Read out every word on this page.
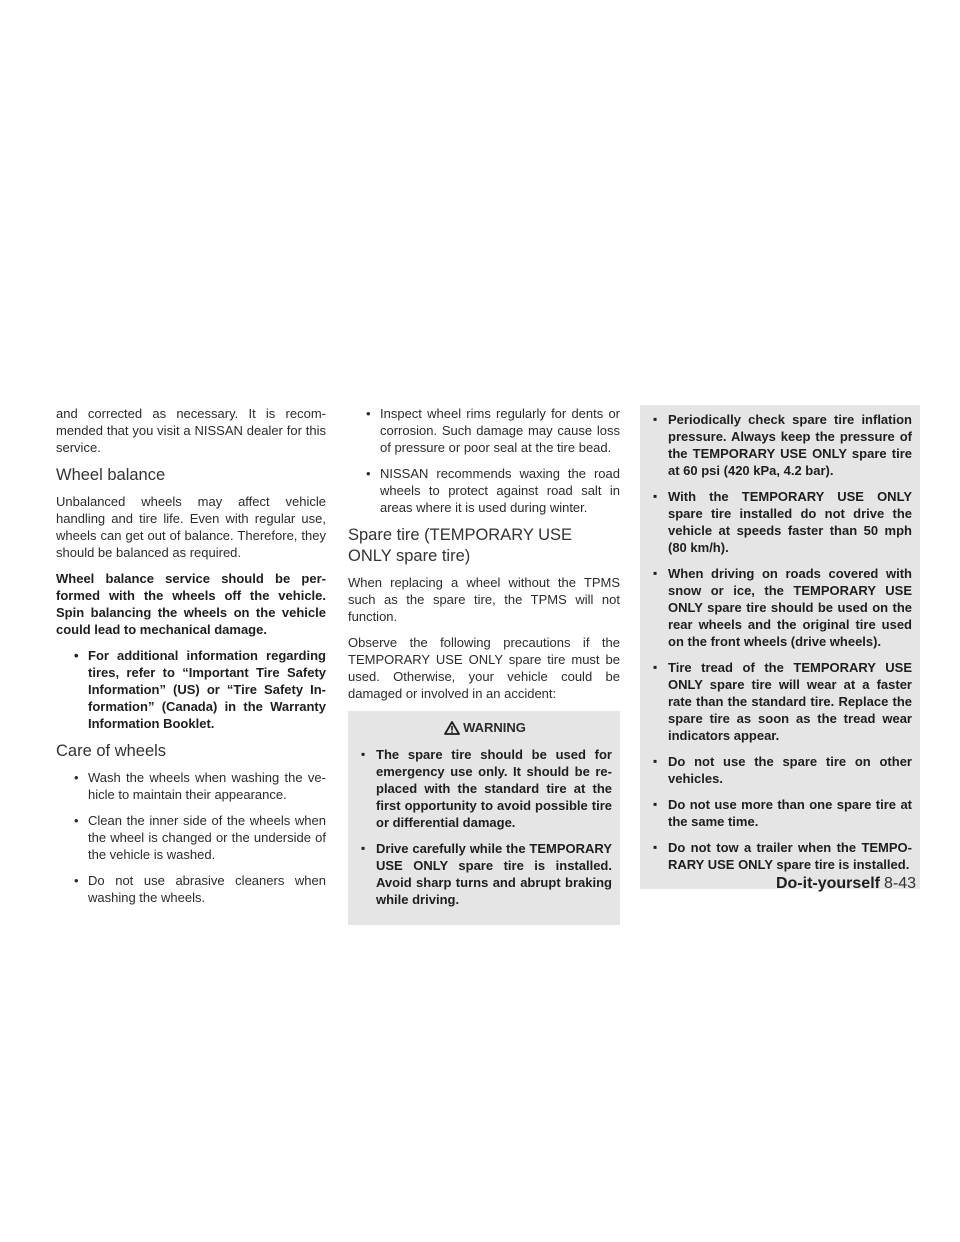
and corrected as necessary. It is recom-mended that you visit a NISSAN dealer for this service.

Wheel balance

Unbalanced wheels may affect vehicle handling and tire life. Even with regular use, wheels can get out of balance. Therefore, they should be balanced as required.

Wheel balance service should be per-formed with the wheels off the vehicle. Spin balancing the wheels on the vehicle could lead to mechanical damage.

• For additional information regarding tires, refer to “Important Tire Safety Information” (US) or “Tire Safety In-formation” (Canada) in the Warranty Information Booklet.
Care of wheels
• Wash the wheels when washing the ve-hicle to maintain their appearance.
• Clean the inner side of the wheels when the wheel is changed or the underside of the vehicle is washed.
• Do not use abrasive cleaners when washing the wheels.
• Inspect wheel rims regularly for dents or corrosion. Such damage may cause loss of pressure or poor seal at the tire bead.
• NISSAN recommends waxing the road wheels to protect against road salt in areas where it is used during winter.
Spare tire (TEMPORARY USE ONLY spare tire)

When replacing a wheel without the TPMS such as the spare tire, the TPMS will not function.

Observe the following precautions if the TEMPORARY USE ONLY spare tire must be used. Otherwise, your vehicle could be damaged or involved in an accident:

WARNING
▪ The spare tire should be used for emergency use only. It should be re-placed with the standard tire at the first opportunity to avoid possible tire or differential damage.
▪ Drive carefully while the TEMPORARY USE ONLY spare tire is installed. Avoid sharp turns and abrupt braking while driving.
▪ Periodically check spare tire inflation pressure. Always keep the pressure of the TEMPORARY USE ONLY spare tire at 60 psi (420 kPa, 4.2 bar).
▪ With the TEMPORARY USE ONLY spare tire installed do not drive the vehicle at speeds faster than 50 mph (80 km/h).
▪ When driving on roads covered with snow or ice, the TEMPORARY USE ONLY spare tire should be used on the rear wheels and the original tire used on the front wheels (drive wheels).
▪ Tire tread of the TEMPORARY USE ONLY spare tire will wear at a faster rate than the standard tire. Replace the spare tire as soon as the tread wear indicators appear.
▪ Do not use the spare tire on other vehicles.
▪ Do not use more than one spare tire at the same time.
▪ Do not tow a trailer when the TEMPO-RARY USE ONLY spare tire is installed.
Do-it-yourself 8-43
